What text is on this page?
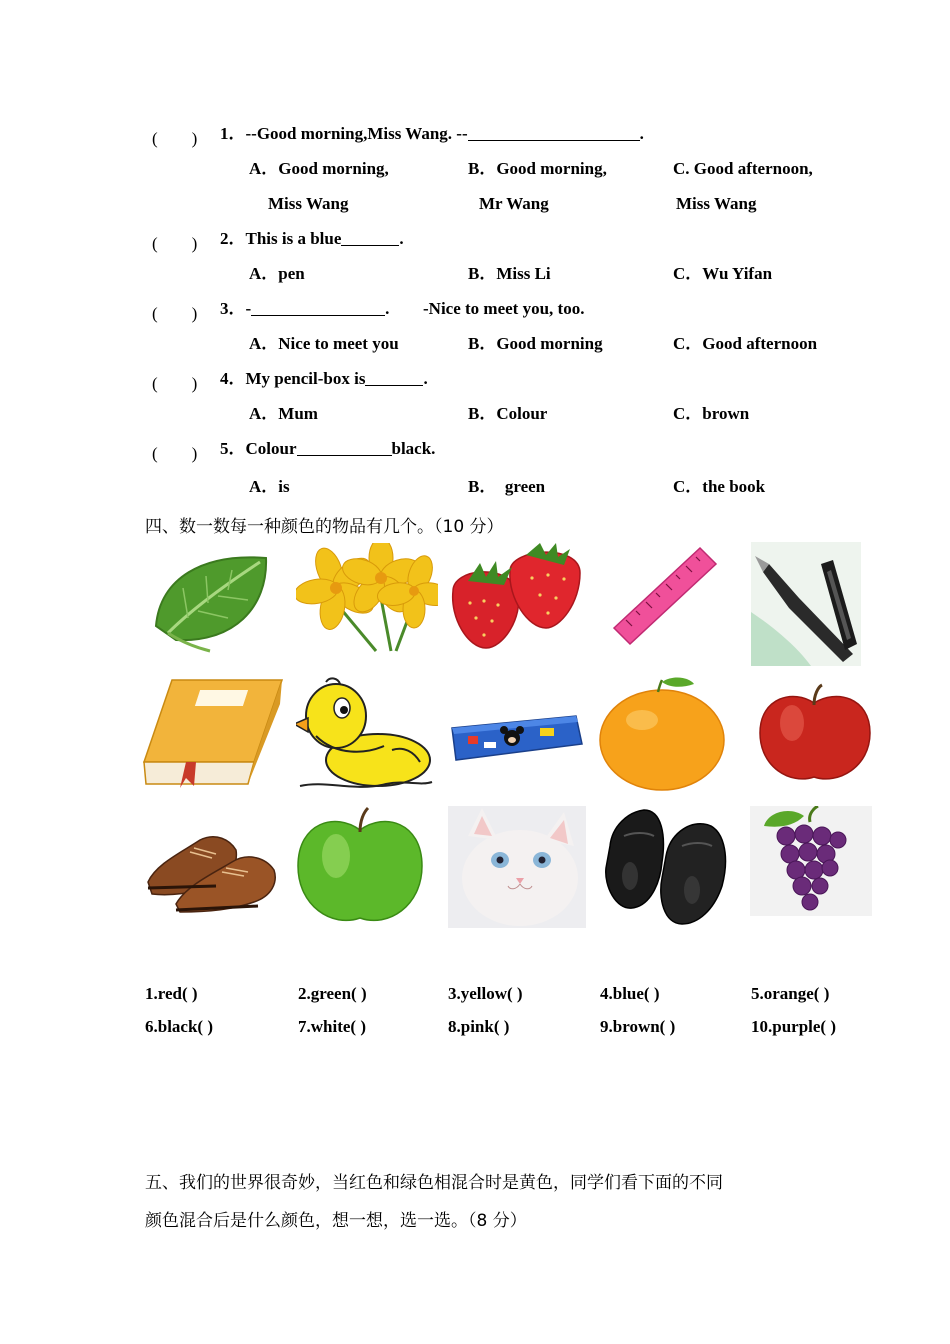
(　　) 1．--Good morning,Miss Wang. --	.
A．Good morning,	B．Good morning,	C. Good afternoon,
Miss Wang	Mr Wang	Miss Wang
(　　) 2．This is a blue	.
A．pen	B．Miss Li	C．Wu Yifan
(　　) 3．-	. -Nice to meet you, too.
A．Nice to meet you	B．Good morning	C．Good afternoon
(　　) 4．My pencil-box is	.
A．Mum	B．Colour	C．brown
(　　) 5．Colour	black.
A．is	B．  green	C．the book
四、数一数每一种颜色的物品有几个。（10 分）
1.red( )	2.green( )	3.yellow( )	4.blue( )	5.orange( )
6.black( )	7.white( )	8.pink( )	9.brown( )	10.purple( )
五、我们的世界很奇妙，当红色和绿色相混合时是黄色，同学们看下面的不同
颜色混合后是什么颜色，想一想，选一选。（8 分）
